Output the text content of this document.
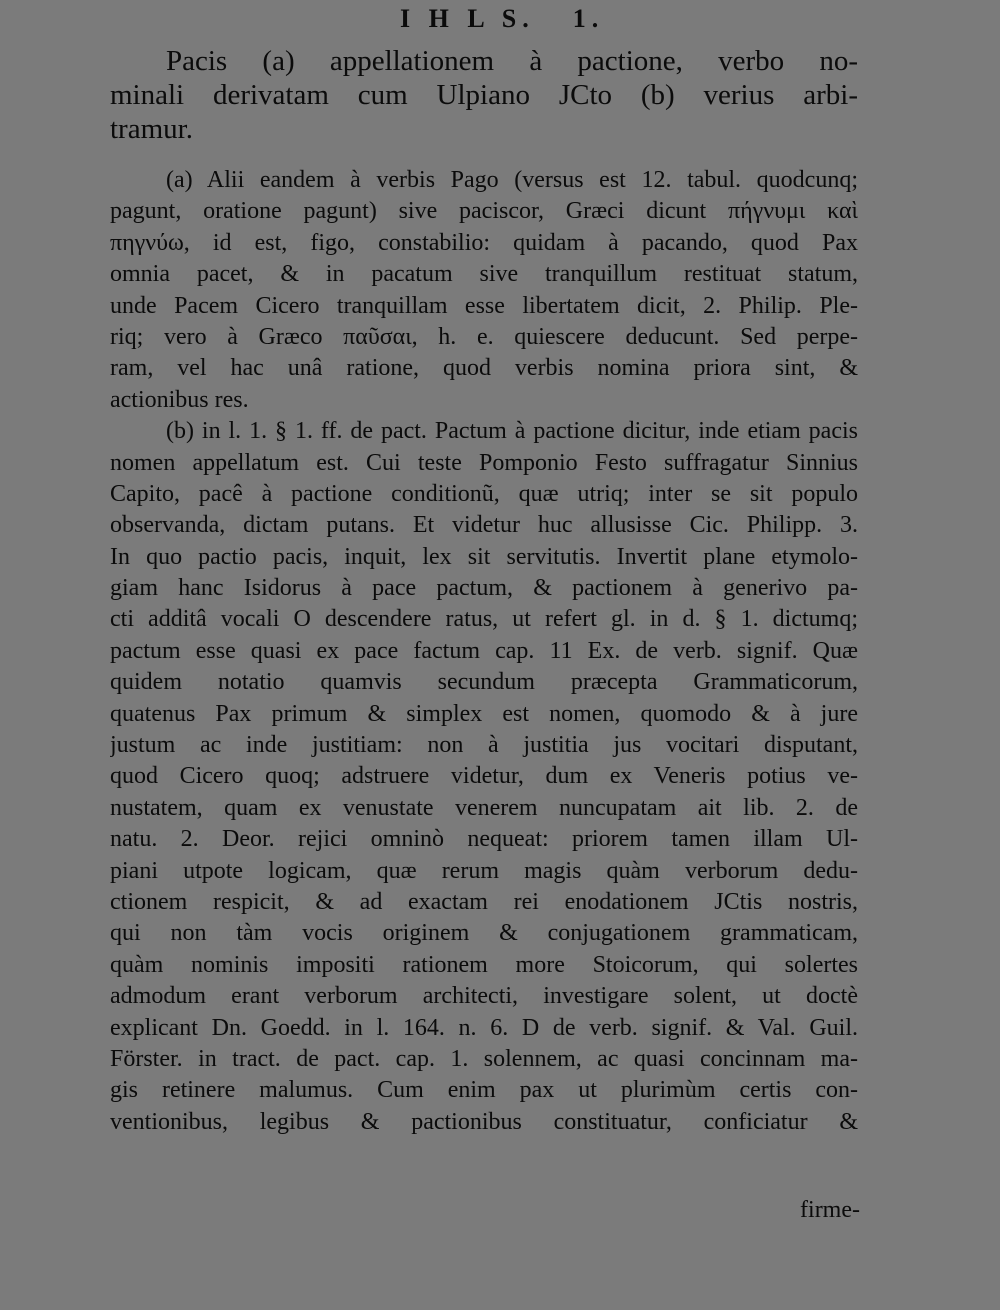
I H L S. 1.
Pacis (a) appellationem à pactione, verbo no-
minali derivatam cum Ulpiano JCto (b) verius arbi-
tramur.
(a) Alii eandem à verbis Pago (versus est 12. tabul. quodcunq;
pagunt, oratione pagunt) sive paciscor, Græci dicunt πήγνυμι καὶ
πηγνύω, id est, figo, constabilio: quidam à pacando, quod Pax
omnia pacet, & in pacatum sive tranquillum restituat statum,
unde Pacem Cicero tranquillam esse libertatem dicit, 2. Philip. Ple-
riq; vero à Græco παῦσαι, h. e. quiescere deducunt. Sed perpe-
ram, vel hac unâ ratione, quod verbis nomina priora sint, &
actionibus res.
(b) in l. 1. § 1. ff. de pact. Pactum à pactione dicitur, inde etiam pacis
nomen appellatum est. Cui teste Pomponio Festo suffragatur Sinnius
Capito, pacê à pactione conditionũ, quæ utriq; inter se sit populo
observanda, dictam putans. Et videtur huc allusisse Cic. Philipp. 3.
In quo pactio pacis, inquit, lex sit servitutis. Invertit plane etymolo-
giam hanc Isidorus à pace pactum, & pactionem à generivo pa-
cti additâ vocali O descendere ratus, ut refert gl. in d. § 1. dictumq;
pactum esse quasi ex pace factum cap. 11 Ex. de verb. signif. Quæ
quidem notatio quamvis secundum præcepta Grammaticorum,
quatenus Pax primum & simplex est nomen, quomodo & à jure
justum ac inde justitiam: non à justitia jus vocitari disputant,
quod Cicero quoq; adstruere videtur, dum ex Veneris potius ve-
nustatem, quam ex venustate venerem nuncupatam ait lib. 2. de
natu. 2. Deor. rejici omninò nequeat: priorem tamen illam Ul-
piani utpote logicam, quæ rerum magis quàm verborum dedu-
ctionem respicit, & ad exactam rei enodationem JCtis nostris,
qui non tàm vocis originem & conjugationem grammaticam,
quàm nominis impositi rationem more Stoicorum, qui solertes
admodum erant verborum architecti, investigare solent, ut doctè
explicant Dn. Goedd. in l. 164. n. 6. D de verb. signif. & Val. Guil.
Förster. in tract. de pact. cap. 1. solennem, ac quasi concinnam ma-
gis retinere malumus. Cum enim pax ut plurimùm certis con-
ventionibus, legibus & pactionibus constituatur, conficiatur &
firme-
